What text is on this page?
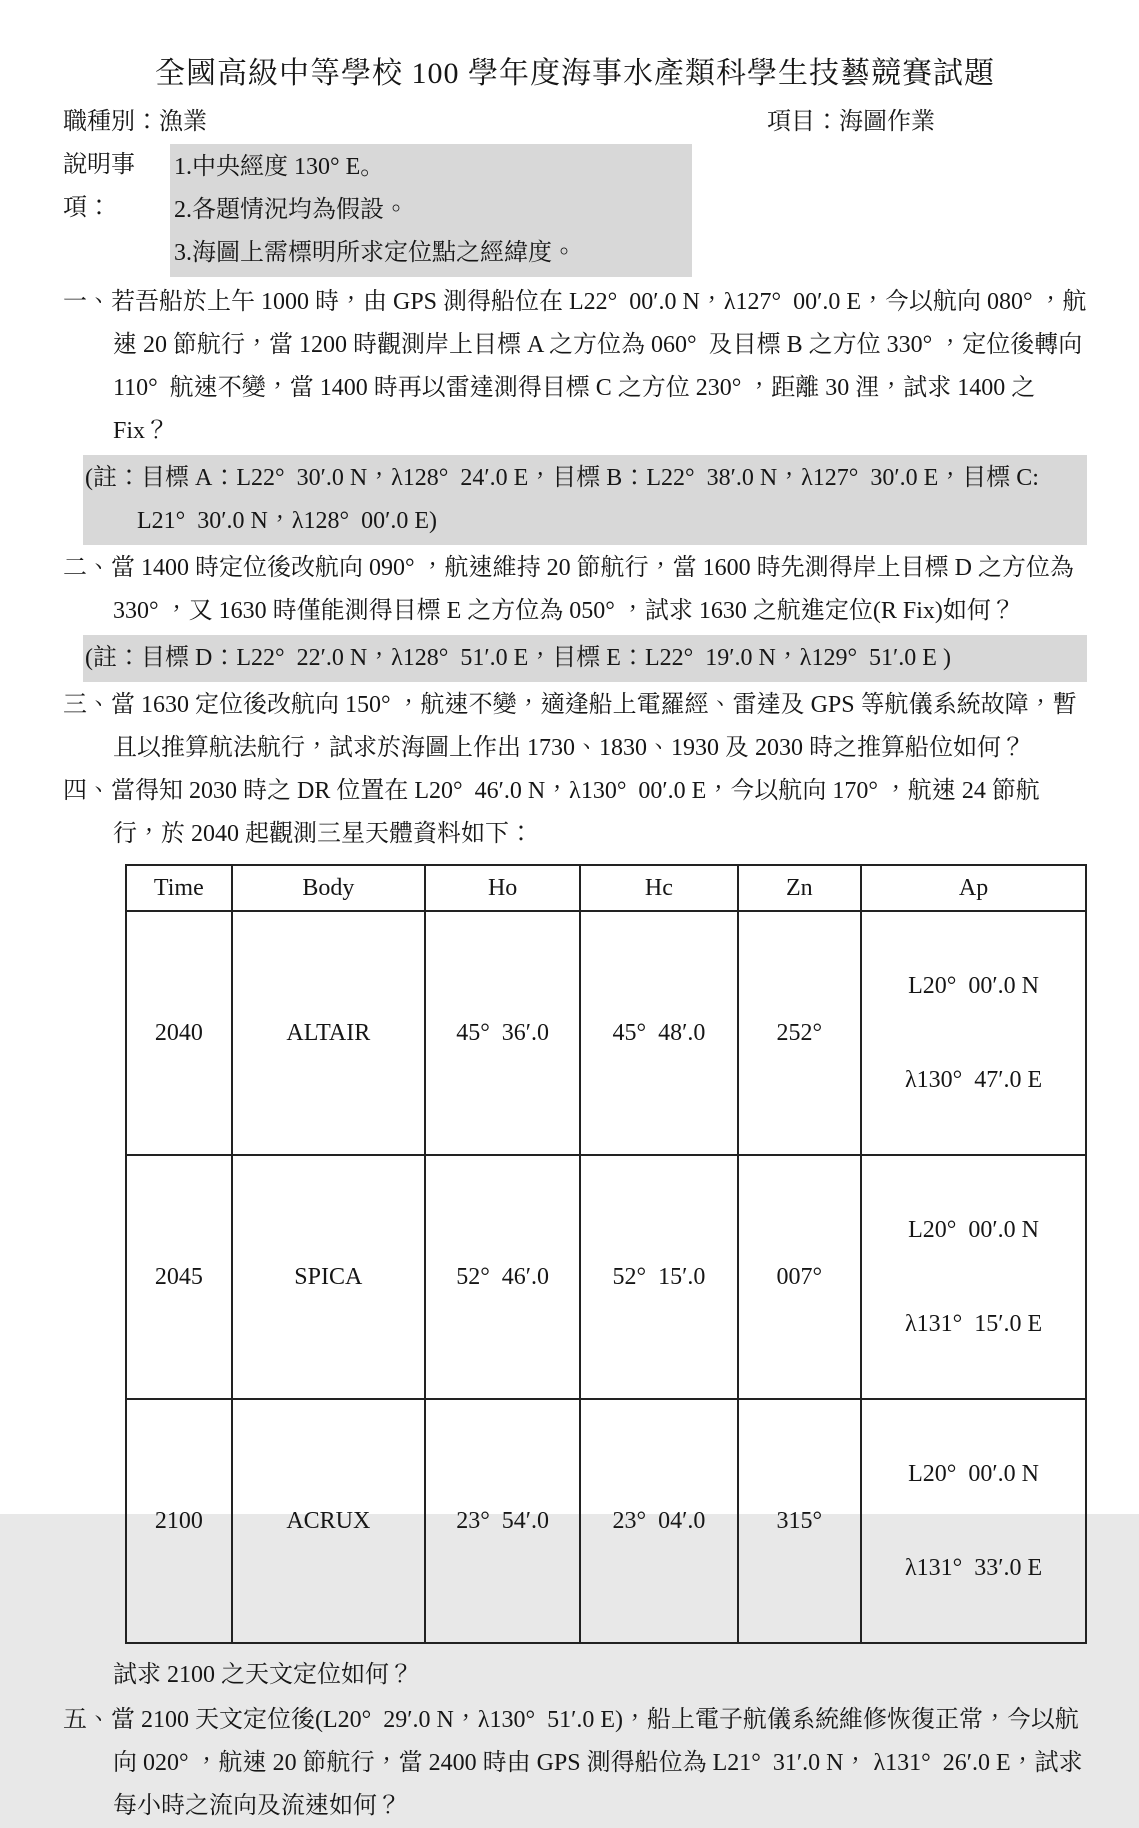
全國高級中等學校 100 學年度海事水產類科學生技藝競賽試題
職種別：漁業	項目：海圖作業
說明事項：
1.中央經度 130° E。
2.各題情況均為假設。
3.海圖上需標明所求定位點之經緯度。

一、若吾船於上午 1000 時，由 GPS 測得船位在 L22°  00′.0 N，λ127°  00′.0 E，今以航向 080° ，航速 20 節航行，當 1200 時觀測岸上目標 A 之方位為 060°  及目標 B 之方位 330° ，定位後轉向 110°  航速不變，當 1400 時再以雷達測得目標 C 之方位 230° ，距離 30 浬，試求 1400 之 Fix？

(註：目標 A：L22°  30′.0 N，λ128°  24′.0 E，目標 B：L22°  38′.0 N，λ127°  30′.0 E，目標 C: L21°  30′.0 N，λ128°  00′.0 E)

二、當 1400 時定位後改航向 090° ，航速維持 20 節航行，當 1600 時先測得岸上目標 D 之方位為 330° ，又 1630 時僅能測得目標 E 之方位為 050° ，試求 1630 之航進定位(R Fix)如何？

(註：目標 D：L22°  22′.0 N，λ128°  51′.0 E，目標 E：L22°  19′.0 N，λ129°  51′.0 E )

三、當 1630 定位後改航向 150° ，航速不變，適逢船上電羅經、雷達及 GPS 等航儀系統故障，暫且以推算航法航行，試求於海圖上作出 1730、1830、1930 及 2030 時之推算船位如何？

四、當得知 2030 時之 DR 位置在 L20°  46′.0 N，λ130°  00′.0 E，今以航向 170° ，航速 24 節航行，於 2040 起觀測三星天體資料如下：

Time	Body	Ho	Hc	Zn	Ap
2040	ALTAIR	45°  36′.0	45°  48′.0	252°	L20°  00′.0 N

λ130°  47′.0 E

2045	SPICA	52°  46′.0	52°  15′.0	007°	L20°  00′.0 N

λ131°  15′.0 E

2100	ACRUX	23°  54′.0	23°  04′.0	315°	L20°  00′.0 N

λ131°  33′.0 E

試求 2100 之天文定位如何？

五、當 2100 天文定位後(L20°  29′.0 N，λ130°  51′.0 E)，船上電子航儀系統維修恢復正常，今以航向 020° ，航速 20 節航行，當 2400 時由 GPS 測得船位為 L21°  31′.0 N， λ131°  26′.0 E，試求每小時之流向及流速如何？
